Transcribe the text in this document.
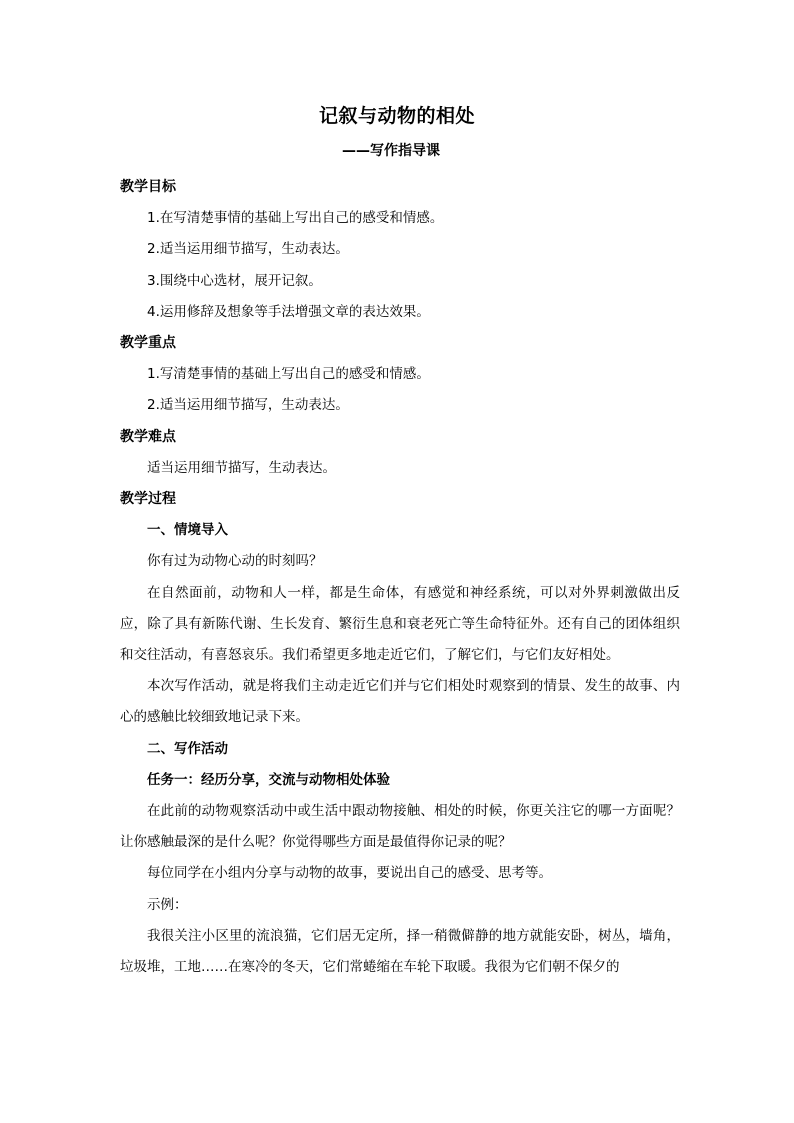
记叙与动物的相处
——写作指导课

教学目标

1.在写清楚事情的基础上写出自己的感受和情感。

2.适当运用细节描写，生动表达。

3.围绕中心选材，展开记叙。

4.运用修辞及想象等手法增强文章的表达效果。

教学重点

1.写清楚事情的基础上写出自己的感受和情感。

2.适当运用细节描写，生动表达。

教学难点

适当运用细节描写，生动表达。

教学过程

一、情境导入

你有过为动物心动的时刻吗？

在自然面前，动物和人一样，都是生命体，有感觉和神经系统，可以对外界刺激做出反应，除了具有新陈代谢、生长发育、繁衍生息和衰老死亡等生命特征外。还有自己的团体组织和交往活动，有喜怒哀乐。我们希望更多地走近它们，了解它们，与它们友好相处。

本次写作活动，就是将我们主动走近它们并与它们相处时观察到的情景、发生的故事、内心的感触比较细致地记录下来。

二、写作活动

任务一：经历分享，交流与动物相处体验

在此前的动物观察活动中或生活中跟动物接触、相处的时候，你更关注它的哪一方面呢？让你感触最深的是什么呢？你觉得哪些方面是最值得你记录的呢？

每位同学在小组内分享与动物的故事，要说出自己的感受、思考等。

示例：

我很关注小区里的流浪猫，它们居无定所，择一稍微僻静的地方就能安卧，树丛，墙角，垃圾堆，工地……在寒冷的冬天，它们常蜷缩在车轮下取暖。我很为它们朝不保夕的
